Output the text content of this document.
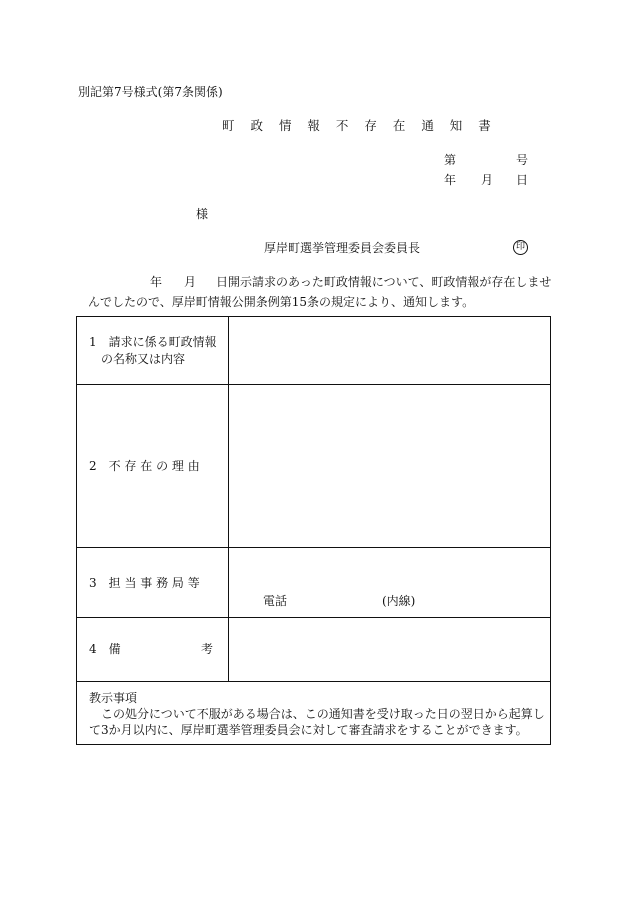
別記第7号様式(第7条関係)
町 政 情 報 不 存 在 通 知 書
第	号
年 月 日
様
厚岸町選挙管理委員会委員長	印
年 月 日開示請求のあった町政情報について、町政情報が存在しませ
んでしたので、厚岸町情報公開条例第15条の規定により、通知します。
1　請求に係る町政情報
　の名称又は内容
2　不 存 在 の 理 由
3　担 当 事 務 局 等
電話	(内線)
4　備	考
教示事項
この処分について不服がある場合は、この通知書を受け取った日の翌日から起算して3か月以内に、厚岸町選挙管理委員会に対して審査請求をすることができます。
